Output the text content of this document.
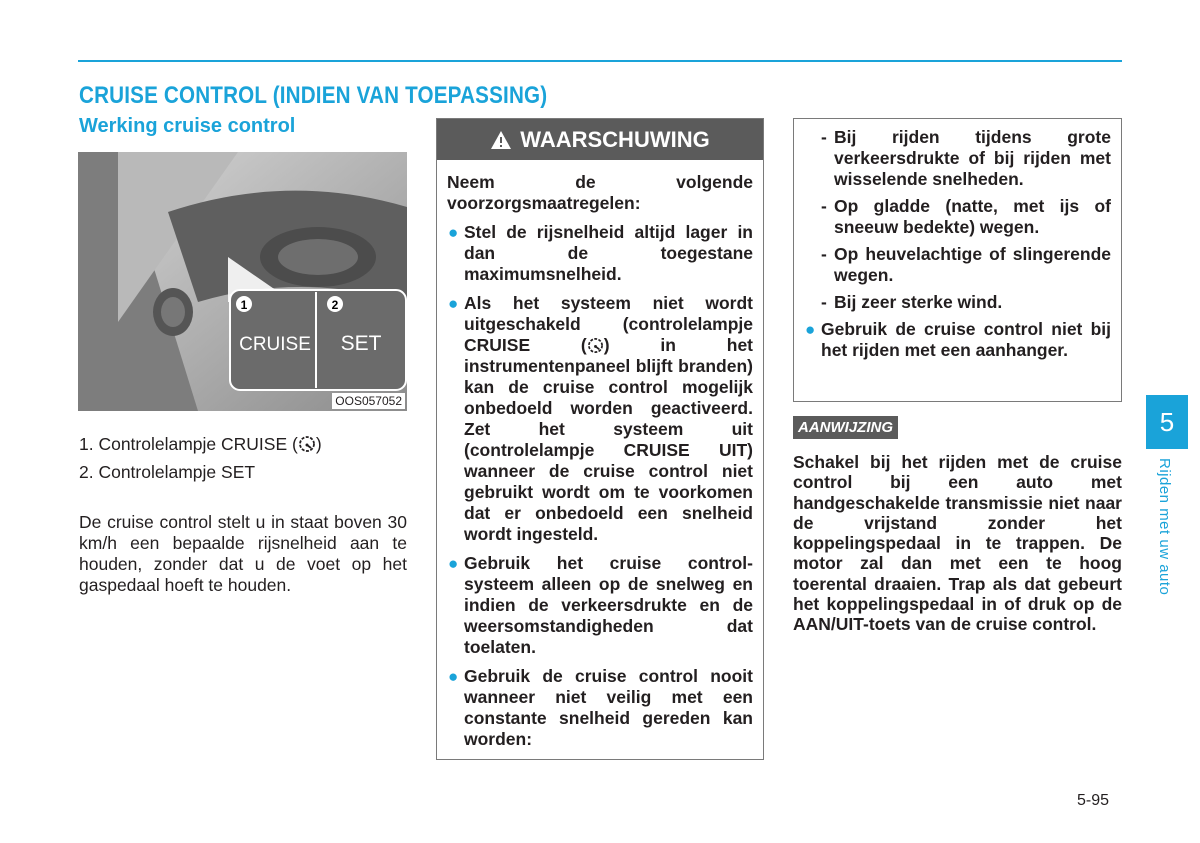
CRUISE CONTROL (INDIEN VAN TOEPASSING)
Werking cruise control
1	2
CRUISE SET
OOS057052
1. Controlelampje CRUISE ( )
2. Controlelampje SET
De cruise control stelt u in staat boven 30 km/h een bepaalde rijsnelheid aan te houden, zonder dat u de voet op het gaspedaal hoeft te houden.
WAARSCHUWING
Neem de volgende voorzorgsmaatregelen:
● Stel de rijsnelheid altijd lager in dan de toegestane maximumsnelheid.
● Als het systeem niet wordt uitgeschakeld (controlelampje CRUISE ( ) in het instrumentenpaneel blijft branden) kan de cruise control mogelijk onbedoeld worden geactiveerd. Zet het systeem uit (controlelampje CRUISE UIT) wanneer de cruise control niet gebruikt wordt om te voorkomen dat er onbedoeld een snelheid wordt ingesteld.
● Gebruik het cruise control-systeem alleen op de snelweg en indien de verkeersdrukte en de weersomstandigheden dat toelaten.
● Gebruik de cruise control nooit wanneer niet veilig met een constante snelheid gereden kan worden:
- Bij rijden tijdens grote verkeersdrukte of bij rijden met wisselende snelheden.
- Op gladde (natte, met ijs of sneeuw bedekte) wegen.
- Op heuvelachtige of slingerende wegen.
- Bij zeer sterke wind.
● Gebruik de cruise control niet bij het rijden met een aanhanger.
AANWIJZING
Schakel bij het rijden met de cruise control bij een auto met handgeschakelde transmissie niet naar de vrijstand zonder het koppelingspedaal in te trappen. De motor zal dan met een te hoog toerental draaien. Trap als dat gebeurt het koppelingspedaal in of druk op de AAN/UIT-toets van de cruise control.
5
Rijden met uw auto
5-95
